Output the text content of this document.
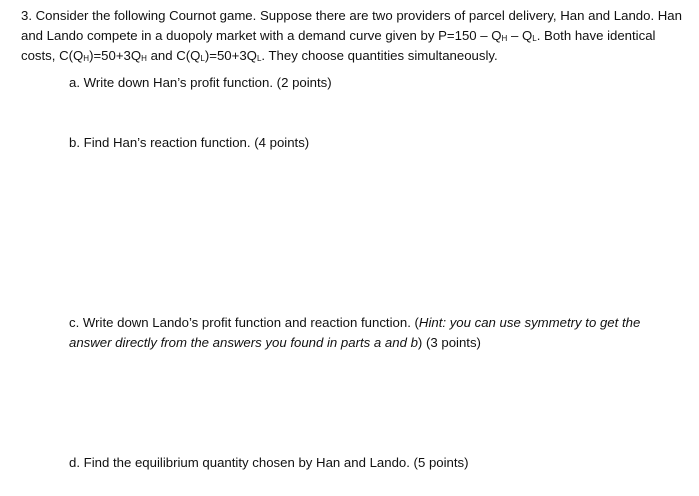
3. Consider the following Cournot game. Suppose there are two providers of parcel delivery, Han and Lando. Han and Lando compete in a duopoly market with a demand curve given by $P=150 - Q_H - Q_L$. Both have identical costs, $C(Q_H)=50+3Q_H$ and $C(Q_L)=50+3Q_L$. They choose quantities simultaneously.

a. Write down Han’s profit function. (2 points)

b. Find Han’s reaction function. (4 points)

c. Write down Lando’s profit function and reaction function. (Hint: you can use symmetry to get the answer directly from the answers you found in parts a and b) (3 points)

d. Find the equilibrium quantity chosen by Han and Lando. (5 points)
